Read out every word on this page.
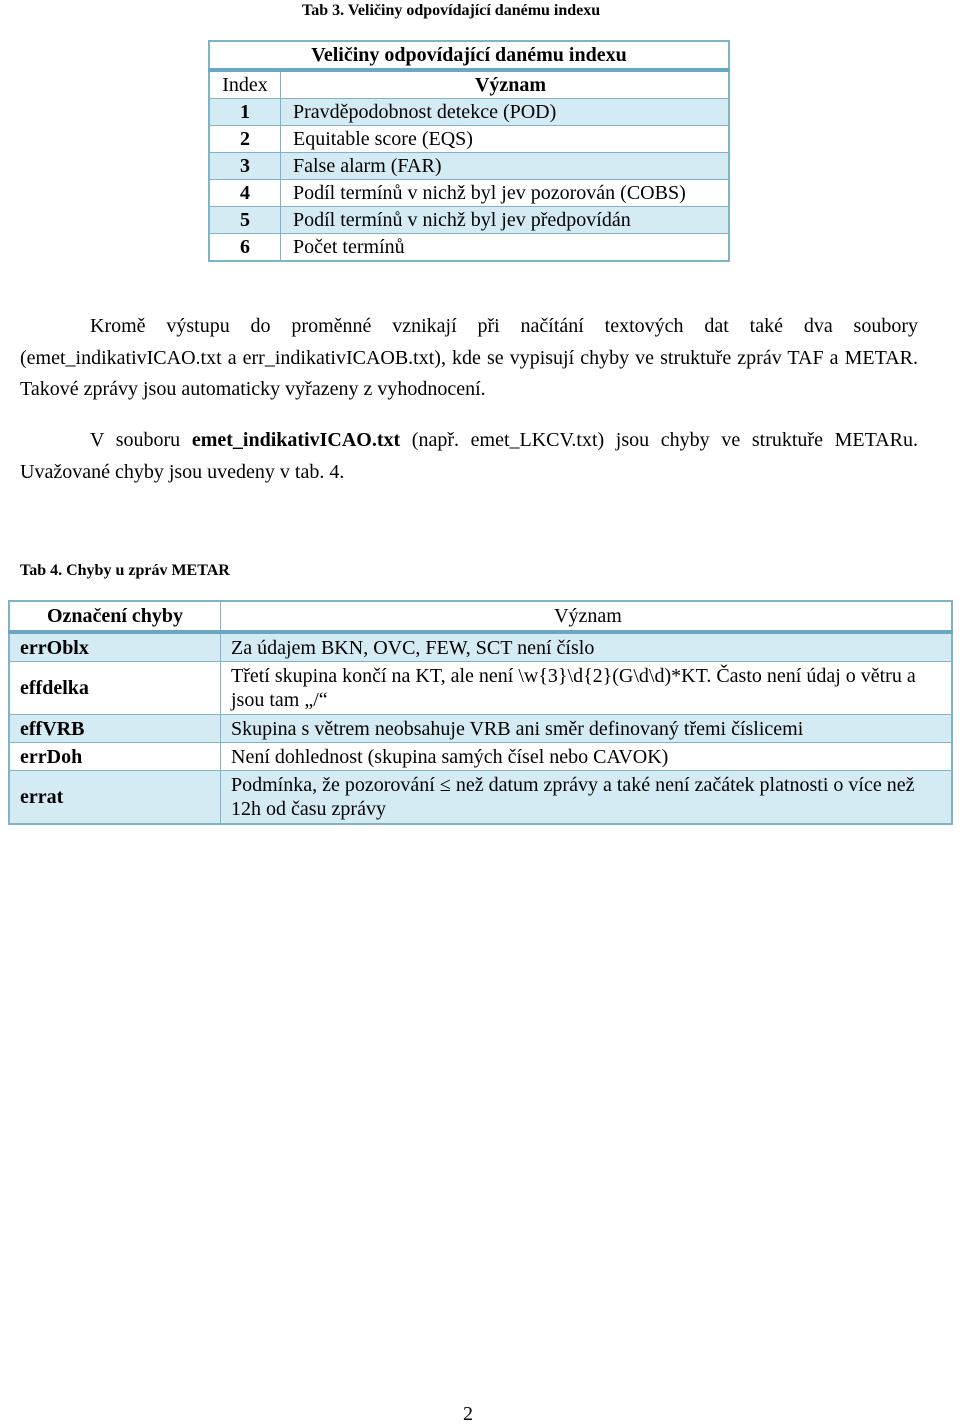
Tab 3. Veličiny odpovídající danému indexu
Veličiny odpovídající danému indexu	
Index	Význam
1	Pravděpodobnost detekce (POD)
2	Equitable score (EQS)
3	False alarm (FAR)
4	Podíl termínů v nichž byl jev pozorován (COBS)
5	Podíl termínů v nichž byl jev předpovídán
6	Počet termínů
Kromě výstupu do proměnné vznikají při načítání textových dat také dva soubory (emet_indikativICAO.txt a err_indikativICAOB.txt), kde se vypisují chyby ve struktuře zpráv TAF a METAR. Takové zprávy jsou automaticky vyřazeny z vyhodnocení.
V souboru emet_indikativICAO.txt (např. emet_LKCV.txt) jsou chyby ve struktuře METARu. Uvažované chyby jsou uvedeny v tab. 4.
Tab 4. Chyby u zpráv METAR
Označení chyby	Význam
errOblx	Za údajem BKN, OVC, FEW, SCT není číslo
effdelka	Třetí skupina končí na KT, ale není \w{3}\d{2}(G\d\d)*KT. Často není údaj o větru a jsou tam „/“
effVRB	Skupina s větrem neobsahuje VRB ani směr definovaný třemi číslicemi
errDoh	Není dohlednost (skupina samých čísel nebo CAVOK)
errat	Podmínka, že pozorování ≤ než datum zprávy a také není začátek platnosti o více než 12h od času zprávy
2
